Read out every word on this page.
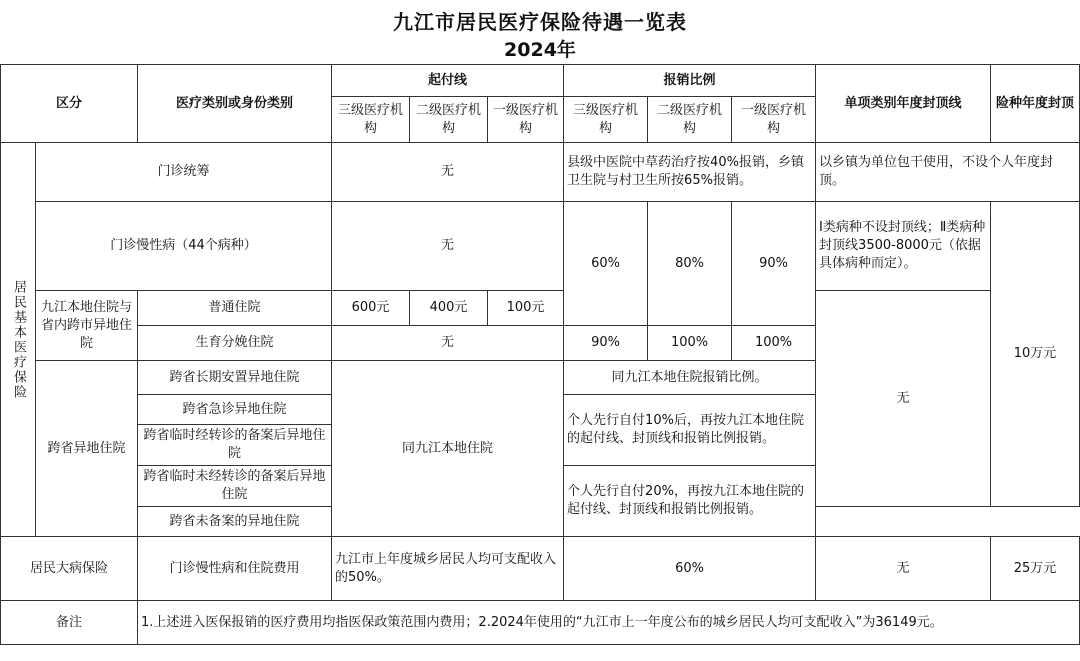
九江市居民医疗保险待遇一览表
2024年
区分		医疗类别或身份类别	起付线			报销比例			单项类别年度封顶线	险种年度封顶
			三级医疗机构	二级医疗机构	一级医疗机构	三级医疗机构	二级医疗机构	一级医疗机构		
居民基本医疗保险	门诊统筹		无			县级中医院中草药治疗按40%报销，乡镇卫生院与村卫生所按65%报销。			以乡镇为单位包干使用，不设个人年度封顶。	
	门诊慢性病（44个病种）		无			60%	80%	90%	Ⅰ类病种不设封顶线；Ⅱ类病种封顶线3500-8000元（依据具体病种而定）。	10万元
	九江本地住院与省内跨市异地住院	普通住院	600元	400元	100元				无	
		生育分娩住院	无			90%	100%	100%		
	跨省异地住院	跨省长期安置异地住院	同九江本地住院			同九江本地住院报销比例。				
		跨省急诊异地住院				个人先行自付10%后，再按九江本地住院的起付线、封顶线和报销比例报销。				
		跨省临时经转诊的备案后异地住院								
		跨省临时未经转诊的备案后异地住院				个人先行自付20%，再按九江本地住院的起付线、封顶线和报销比例报销。				
		跨省未备案的异地住院								
居民大病保险		门诊慢性病和住院费用	九江市上年度城乡居民人均可支配收入的50%。			60%			无	25万元
备注		1.上述进入医保报销的医疗费用均指医保政策范围内费用；2.2024年使用的“九江市上一年度公布的城乡居民人均可支配收入”为36149元。								
